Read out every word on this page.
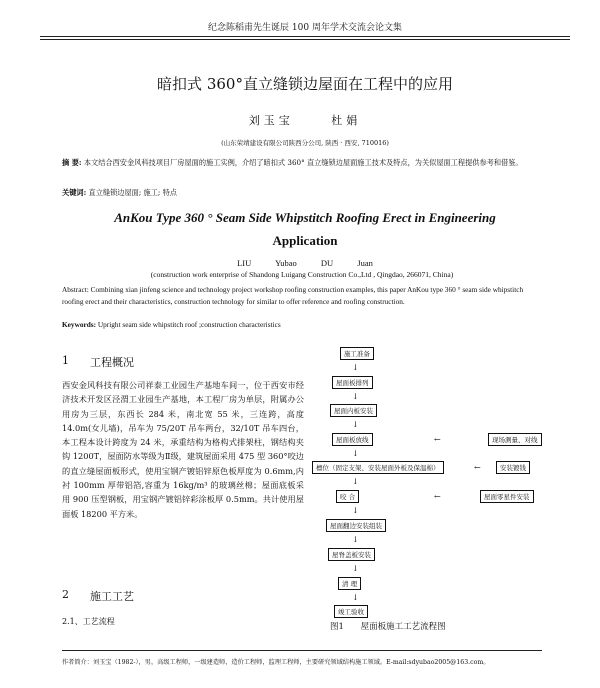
纪念陈稻甫先生诞辰 100 周年学术交流会论文集
暗扣式 360°直立缝锁边屋面在工程中的应用
刘玉宝 杜娟
(山东荣靖建设有限公司陕西分公司, 陕西 · 西安, 710016)
摘 要: 本文结合西安金风科技项目厂房屋面的施工实例，介绍了暗扣式 360° 直立缝锁边屋面施工技术及特点，为关似屋面工程提供参考和借鉴。
关键词: 直立缝锁边屋面; 施工; 特点
AnKou Type 360 ° Seam Side Whipstitch Roofing Erect in Engineering
Application
LIU Yubao DU Juan
(construction work enterprise of Shandong Luigang Construction Co.,Ltd , Qingdao, 266071, China)
Abstract: Combining xian jinfeng science and technology project workshop roofing construction examples, this paper AnKou type 360 ° seam side whipstitch roofing erect and their characteristics, construction technology for similar to offer reference and roofing construction.
Keywords: Upright seam side whipstitch roof ;construction characteristics
1 工程概况
西安金风科技有限公司祥泰工业园生产基地车间一，位于西安市经济技术开发区泾渭工业园生产基地，本工程厂房为单层，附属办公用房为三层，东西长 284 米，南北宽 55 米，三连跨，高度 14.0m(女儿墙)，吊车为 75/20T 吊车两台，32/10T 吊车四台，本工程本设计跨度为 24 米，承重结构为格构式排架柱，钢结构夹钩 1200T，屋面防水等级为Ⅱ级，建筑屋面采用 475 型 360°咬边的直立缝屋面板形式，使用宝钢产镀铝锌原色板厚度为 0.6mm,内衬 100mm 厚带铝箔,容重为 16kg/m³ 的玻璃丝棉；屋面底板采用 900 压型钢板，用宝钢产镀铝锌彩涂板厚 0.5mm。共计使用屋面板 18200 平方米。
2 施工工艺
2.1、工艺流程
施工准备
↓
屋面板排列
↓
屋面内板安装
↓
屋面板放线	←	现场测量、对线
↓
檩位（固定支架、安装屋面外板及保温棉）	←	安装镀钱
↓
咬 合	←	屋面零星件安装
↓
屋面翻边安装组装
↓
屋脊盖板安装
↓
清 理
↓
竣工验收
图1 屋面板施工工艺流程图
作者简介：刘玉宝（1982-），男，高级工程师，一级建造师，造价工程师，监理工程师，主要研究领域结构施工领域。E-mail:sdyubao2005@163.com。
